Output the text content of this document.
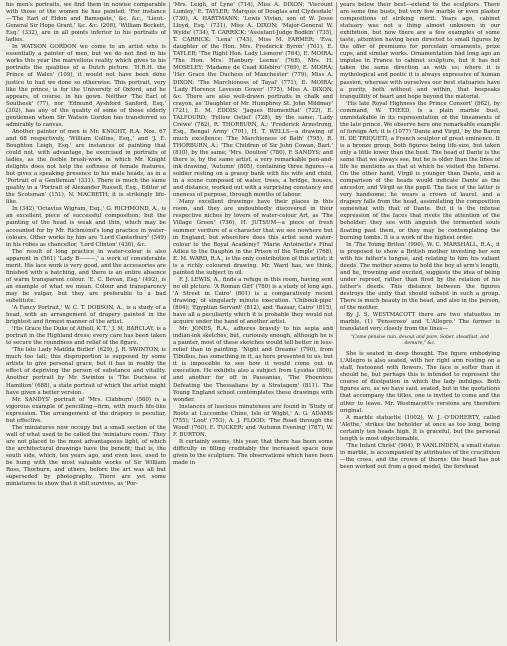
his men's portraits, we find them in nowise comparable with those of the women he has painted. 'For instance—'The Earl of Eldon and Ramsgate,' &c. &c., 'Lieut.-General Sir Hope Grant,' &c. &c. (208), 'William Beckett, Esq.' (332), are in all points inferior to his portraits of ladies.

In WATSON GORDON we come to an artist who is essentially a painter of men, but we do not find in his works this year the marvellous reality which gives to his portraits the qualities of a Dutch picture. 'H.R.H. the Prince of Wales' (109), it would not have been done justice to had we done so otherwise. This portrait, very like the prince, is for the University of Oxford, and he appears, of course, in his gown. Neither 'The Earl of Southesk' (77), nor 'Edmund Ayshford Sanford, Esq.' (302), has any of the quality of some of those elderly gentlemen whom Sir Watson Gordon has transferred so admirably to canvas.

Another painter of men is Mr. KNIGHT, R.A. Nos. 67 and 68 respectively, 'William Collins, Esq.,' and 'J. E. Boughton Leigh, Esq.' are instances of painting that could not, with advantage, be exercised in portraits of ladies, as the feeble brush-work in which Mr. Knight delights does not help the softness of female features, but gives a speaking presence to his male heads, as in a 'Portrait of a Gentleman' (331). There is much the same quality in a 'Portrait of Alexander Russell, Esq., Editor of the Scotsman' (151), N. MACBETH; it is strikingly life-like.

In (342) 'Octavius Wigram, Esq.,' G. RICHMOND, A., is an excellent piece of successful composition; but the painting of the head is weak and thin, which may be accounted for by Mr. Richmond's long practice in water-colours. Other works by him are 'Lord Canterbury' (349) in his robes as chancellor, 'Lord Clinton' (436), &c.

The result of long practice in water-colour is also apparent in (561) 'Lady B———,' a work of considerable merit. His lace work is very good, and the accessories are finished with a hatching, and there is an entire absence of warm transparent colour. 'E. C. Bevan, Esq.' (492), is an example of what we mean. Colour and transparency may be vulgar, but they are preferable to a bad substitute.

'A Fancy Portrait,' W. C. T. DOBSON, A., is a study of a head, with an arrangement of drapery painted in the brightest and firmest manner of the artist.

'His Grace the Duke of Atholl, K.T.,' J. M. BARCLAY, is a portrait in the Highland dress; every care has been taken to secure the roundness and relief of the figure.

'The late Lady Matilda Butler' (629), J. R. SWINTON, is much too tall; this disproportion is supposed by some artists to give personal grace, but it has in reality the effect of depriving the person of substance and vitality. Another portrait by Mr. Swinton is 'The Duchess of Hamilton' (688), a state portrait of which the artist might have given a better version.

Mr. SANDYS' portrait of 'Mrs. Clabburn' (560) is a vigorous example of pencilling—firm, with much life-like expression. The arrangement of the drapery is peculiar, but effective.

The miniatures now occupy but a small section of the wall of what used to be called the 'miniature room.' They are not placed to the most advantageous light, of which the architectural drawings have the benefit; that is, the south side, which, ten years ago, and even less, used to be hung with the most valuable works of Sir William Ross, Thorburn, and others, before the art was all but superseded by photography. There are yet some miniatures to show that it still survives, as 'Por-

'Mrs. Leigh, of Lyne' (714), Miss A. DIXON; 'Viscount Lumley,' E. TAYLER; 'Marquis of Douglas and Clydesdale' (730), A. HARTMANN; 'Lewis Vivian, son of W. Jesse Lloyd, Esq.' (731), Miss A. DIXON; 'Major-General W. Wylde' (734), T. CARRICK; 'Assistant-Judge Bodkin' (735), T. CARRICK; 'Lena' (745), Miss M. FARMER; 'Eva, daughter of the Hon. Mrs. Frederick Byron' (761), E. TAYLER; 'The Right Hon. Lady Lismore' (764), E. MOIRA; 'The Hon. Mrs. Hanbury Leeme' (768), Mrs. H. MOSELEY; 'Madame de Cuad Kilsbiro' (769), E. MOIRA; 'Her Grace the Duchess of Manchester' (779), Miss A. DIXON; 'The Marchioness of Tayal' (771), E. MOIRA; 'Lady Florence Leveson Gower' (775), Miss A. DIXON, &c. There are also well-drawn portraits in chalk and crayon, as 'Daughter of Mr. Humphrey St. John Mildmay' (721), E. M. EDDIS; 'Jaques Blumenthal' (722), E. TALFOURD; 'Fellow Ostiel' (728), by the same; 'Lady Crewe' (782), R. THORBURN, A.; 'Frederick Armstrong, Esq., Bengal Army' (701), H. T. WELLS—a drawing of much excellence; 'The Marchioness of Bath' (795), R. THORBURN, A.; 'The Children of Sir John Cowan, Bart.' (810), by the same; 'Mrs. Doulton' (780), F. SANDYS; and there is, by the same artist, a very remarkable pen-and-ink drawing, 'Autumn' (805), containing three figures—a soldier resting on a grassy bank with his wife and child, in a scene composed of water, trees, a bridge, houses, and distance, worked out with a surprising constancy and oneness of purpose, through months of labour.

Many excellent drawings have their places in this room, and they are undoubtedly discovered in their respective niches by lovers of water-colour Art, as 'The Village Green' (736), H. JUTSUM—a piece of fresh summer verdure of a character that we see nowhere but in England; but wherefore does this artist send water-colour to the Royal Academy? 'Marie Antoinette's Final Adieu to the Dauphin in the Prison of the Temple' (768), E. M. WARD, R.A., is the only contribution of this artist; it is a richly coloured drawing. Mr. Ward has, we think, painted the subject in oil.

F. J. LEWIS, A., finds a refuge in this room, having sent no oil picture. 'A Roman Girl' (780) is a study of long ago. 'A Street in Cairo' (801) is a comparatively recent drawing, of singularly minute execution. 'Chibouk-pipe' (804); 'Egyptian Servant' (812), and 'Bazaar, Cairo' (815), have all a peculiarity which it is probable they would not acquire under the hand of another artist.

Mr. JONES, R.A., adheres bravely to his sepia and indian-ink sketches, but, curiously enough, although he is a painter, most of these sketches would tell better in less-relief than in painting. 'Night and Dreams' (790), from Tibullus, has something in it, as here presented to us, but it is impossible to see how it would come out in execution. He exhibits also a subject from Lysidas (800), and another for off in Pausanias, 'The Phoenices Defeating the Thessalians by a Stratagem' (811). The Young England school contemplates these drawings with wonder.

Instances of luscious minuteness are found in 'Study of Roots at Luccombe Chine, Isle of Wight,' A. G. ADAMS (755); 'Loot' (753), A. J. FLOOD; 'The Road through the Wood' (760), E. TUCKER; and 'Autumn Evening' (787), W. F. BURTON.

It certainly seems, this year, that there has been some difficulty in filling creditably the increased space now given to the sculpture. The observations which have been made in

years below their best—extend to the sculptors. There are some fine busts, but very few marble or even plaster compositions of striking merit. Years ago, cabinet statuary was not a thing almost unknown in our exhibition, but now there are a few examples of some taste, attention having been directed to small figures by the offer of premiums for porcelain ornaments, prize cups, and similar works. Ornamentation had long ago an impulse in France to cabinet sculpture, but it has not taken the same direction as with us; where it is mythological and poetic it is always expressive of human passion, whereas with ourselves our best statuaries have a purity, both without and within, that bespeaks tranquillity of heart and hope beyond the material.

'His late Royal Highness the Prince Consort' (862), by command, W. THEED, is a plain marble bust, unmistakable in its representation of the lineaments of the late prince. We observe here one remarkable example of foreign Art; it is (1077) 'Dante and Virgil,' by the Baron H. DE TRIQUETI, a French sculptor of great eminence. It is a bronze group, both figures being life-size, but taken only a little lower than the bust. The head of Dante is the same that we always see, but he is older than the lines of life he mentions as that at which he visited the Inferno. On the other hand, Virgil is younger than Dante, and a comparison of the heads would indicate Dante as the ancestor, and Virgil as the pupil. The face of the latter is very handsome; he wears a crown of laurel, and a drapery falls from the head, assimilating the composition somewhat with that of Dante. But it is the intense expression of the faces that rivets the attention of the beholder; they see with anguish the tormented souls floating past them, or they may be contemplating the burning tombs. It is a work of the highest order.

In 'The Young Briton' (990), W. C. MARSHALL, R.A., it is proposed to show a British mother investing her son with his father's tongue, and relating to him his valiant deeds. The mother seems to hold the boy at arm's length, and he, frowning and excited, suggests the idea of being under reproof, rather than fired by the relation of his father's deeds. This distance between the figures destroys the unity that should subsist in such a group. There is much beauty in the head, and also in the person, of the mother.

By J. S. WESTMACOTT there are two statuettes in marble, (1) 'Penseroso' and 'L'Allegro.' The former is translated very closely from the lines—

"Come pensive nun, devout and pure, Sober, steadfast, and demure," &c.

She is seated in deep thought. The figure embodying L'Allegro is also seated, with her right arm resting on a staff, festooned with flowers. The face is softer than it should be, but perhaps this is intended to represent the course of dissipation in which the lady indulges. Both figures are, as we have said, seated, but in the quotations that accompany the titles, one is invited to come and the other to leave. Mr. Westmacott's versions are therefore original.

A marble statuette (1002), W. J. O'DOHERTY, called 'Alethe,' strikes the beholder at once as too long, being certainly ten heads high. It is graceful, but the personal length is most objectionable.

'The Infant Christ' (904), P. VANLINDEN, a small statue in marble, is accompanied by attributes of the crucifixion—the cross, and the crown of thorns: the head has not been worked out from a good model, the forehead
